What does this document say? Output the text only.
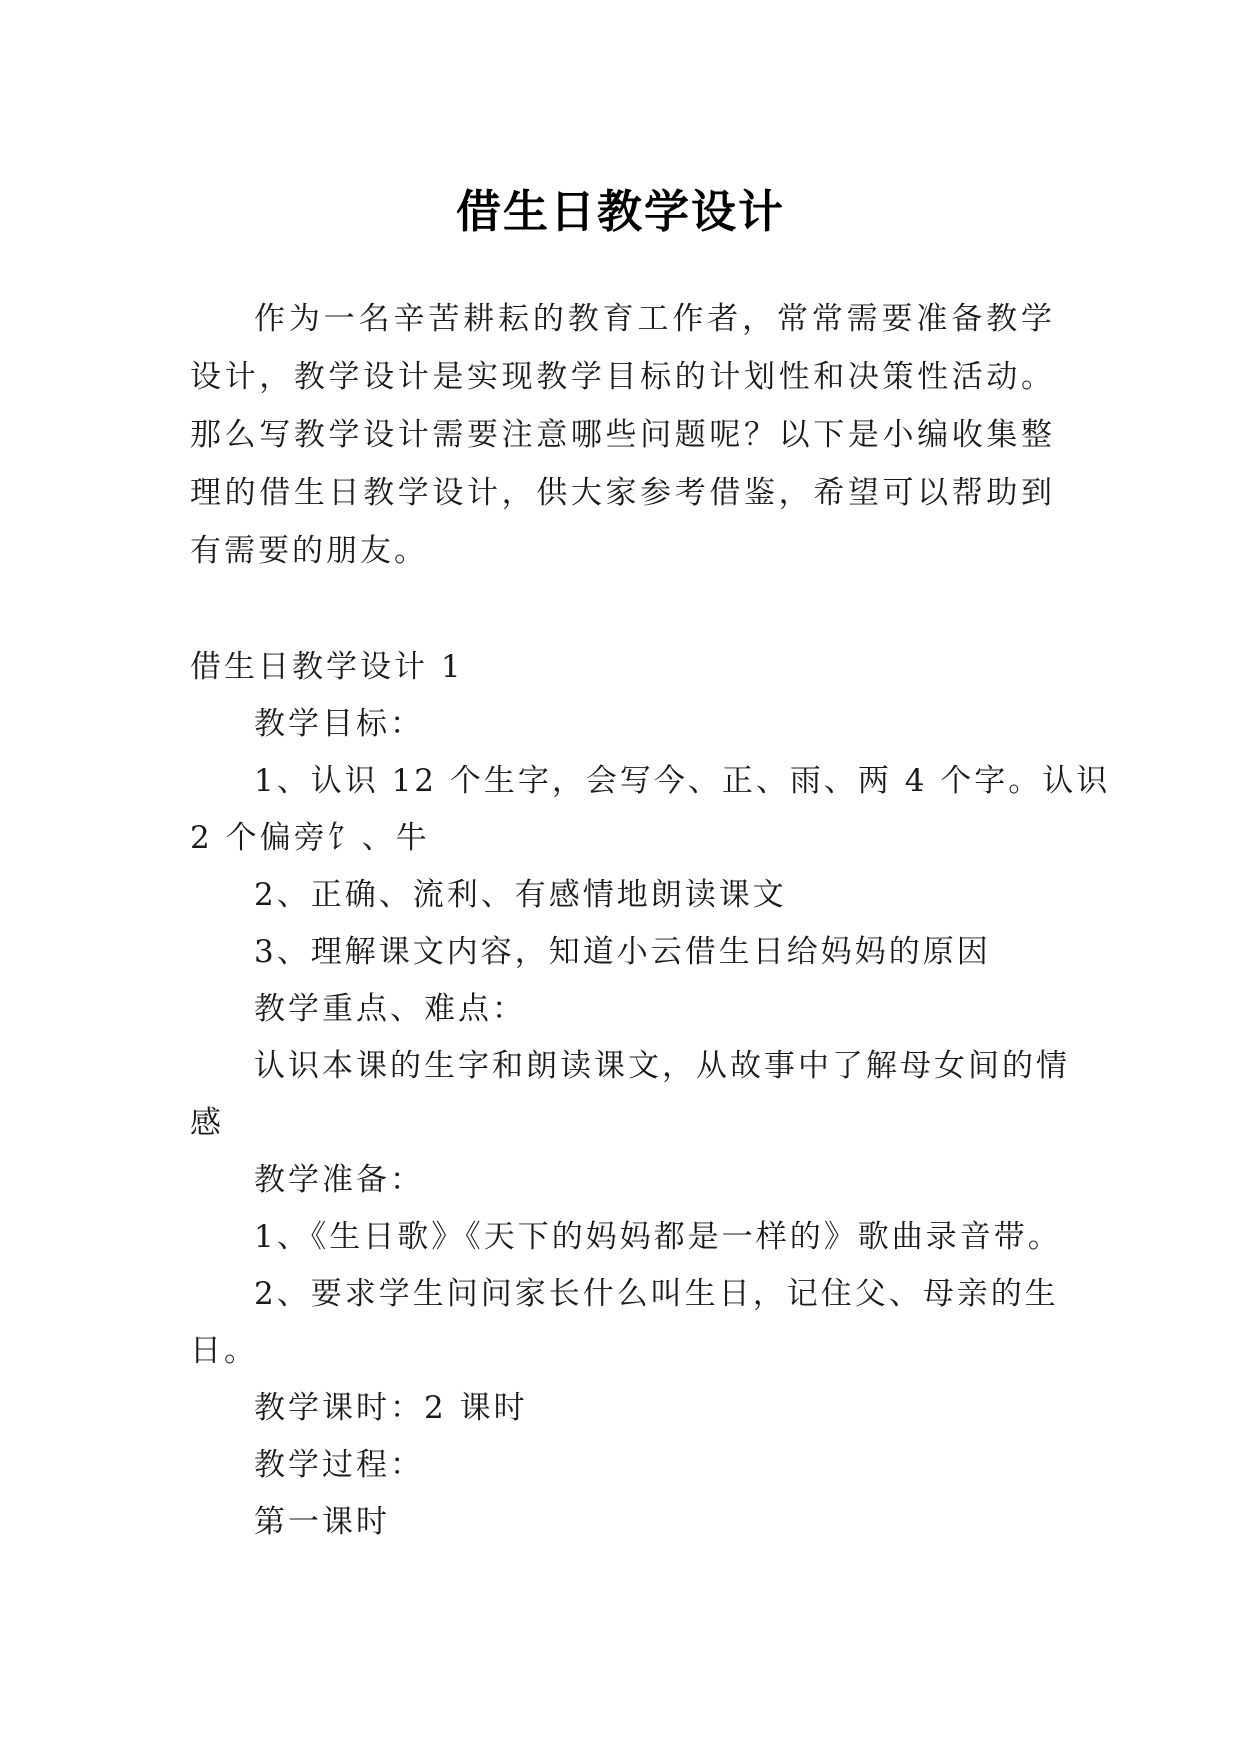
借生日教学设计

作为一名辛苦耕耘的教育工作者，常常需要准备教学设计，教学设计是实现教学目标的计划性和决策性活动。那么写教学设计需要注意哪些问题呢？以下是小编收集整理的借生日教学设计，供大家参考借鉴，希望可以帮助到有需要的朋友。

借生日教学设计 1

教学目标：

1、认识 12 个生字，会写今、正、雨、两 4 个字。认识

2 个偏旁饣、牛

2、正确、流利、有感情地朗读课文

3、理解课文内容，知道小云借生日给妈妈的原因

教学重点、难点：

认识本课的生字和朗读课文，从故事中了解母女间的情

感

教学准备：

1、《生日歌》《天下的妈妈都是一样的》歌曲录音带。

2、要求学生问问家长什么叫生日，记住父、母亲的生

日。

教学课时：2 课时

教学过程：

第一课时
